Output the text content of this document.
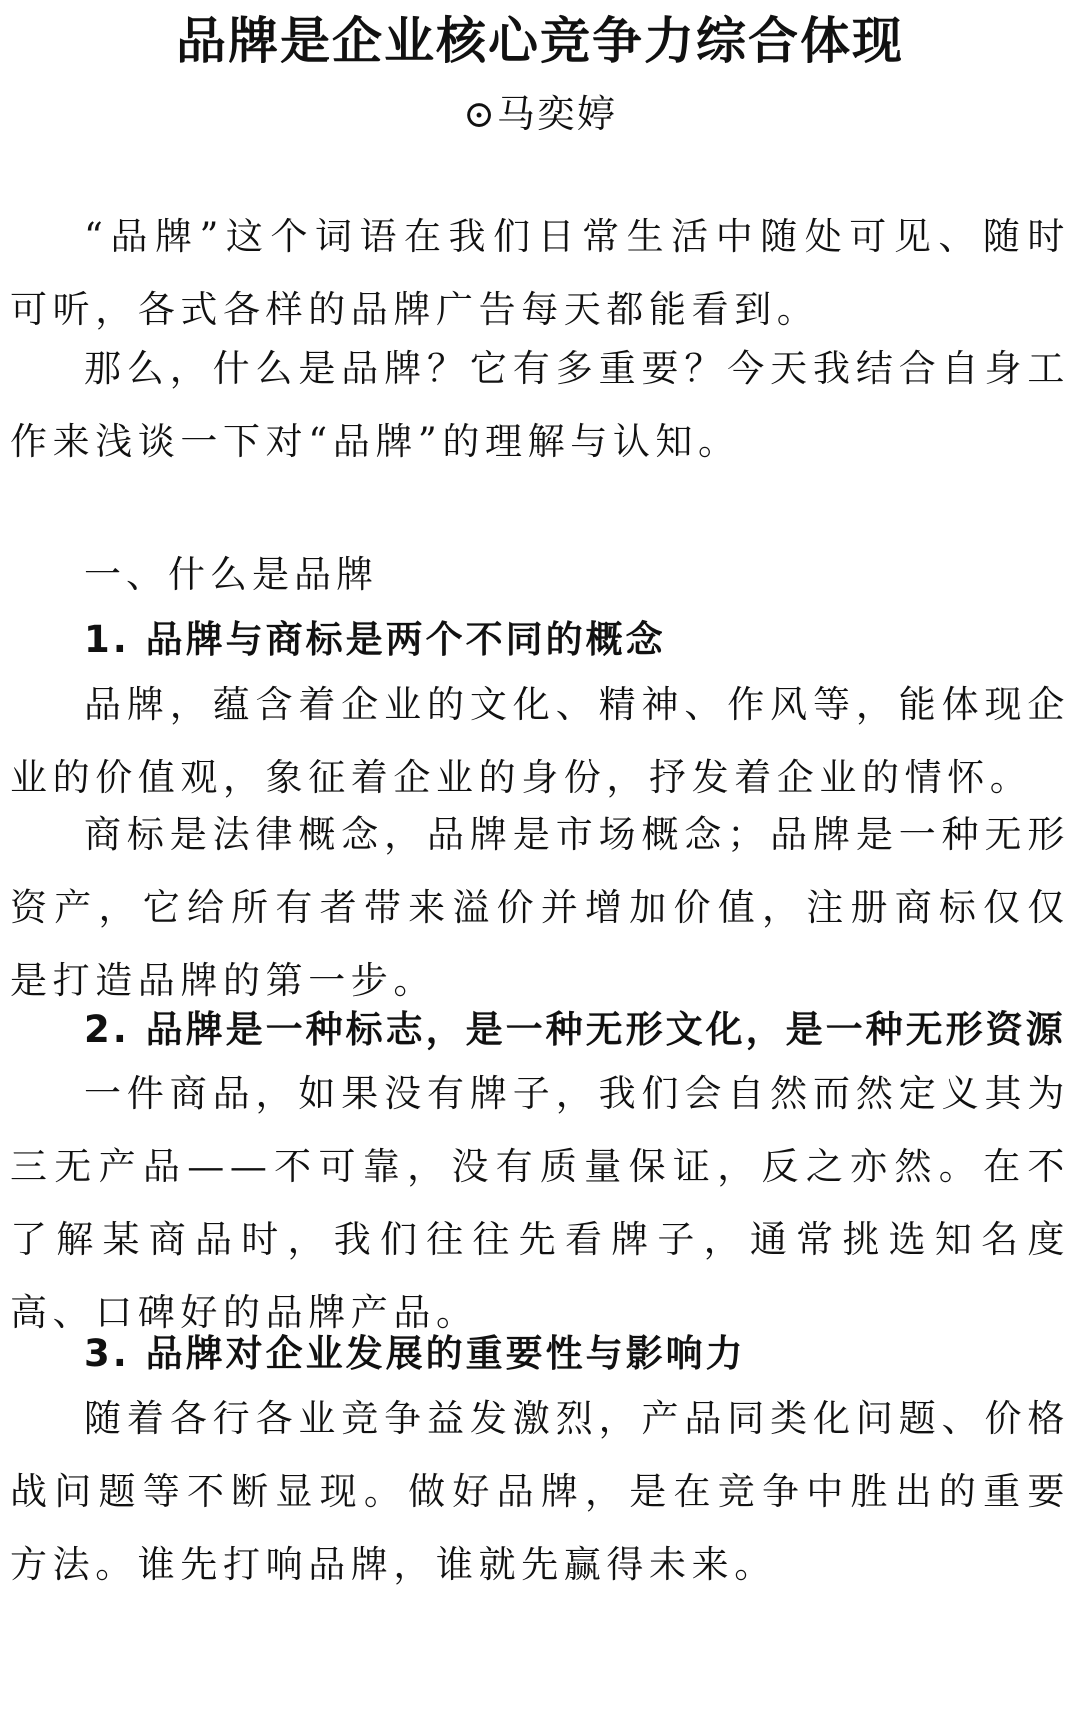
品牌是企业核心竞争力综合体现
⊙马奕婷

“品牌”这个词语在我们日常生活中随处可见、随时可听，各式各样的品牌广告每天都能看到。

那么，什么是品牌？它有多重要？今天我结合自身工作来浅谈一下对“品牌”的理解与认知。

一、什么是品牌
1. 品牌与商标是两个不同的概念

品牌，蕴含着企业的文化、精神、作风等，能体现企业的价值观，象征着企业的身份，抒发着企业的情怀。

商标是法律概念，品牌是市场概念；品牌是一种无形资产，它给所有者带来溢价并增加价值，注册商标仅仅是打造品牌的第一步。

2. 品牌是一种标志，是一种无形文化，是一种无形资源

一件商品，如果没有牌子，我们会自然而然定义其为三无产品——不可靠，没有质量保证，反之亦然。在不了解某商品时，我们往往先看牌子，通常挑选知名度高、口碑好的品牌产品。

3. 品牌对企业发展的重要性与影响力

随着各行各业竞争益发激烈，产品同类化问题、价格战问题等不断显现。做好品牌，是在竞争中胜出的重要方法。谁先打响品牌，谁就先赢得未来。
